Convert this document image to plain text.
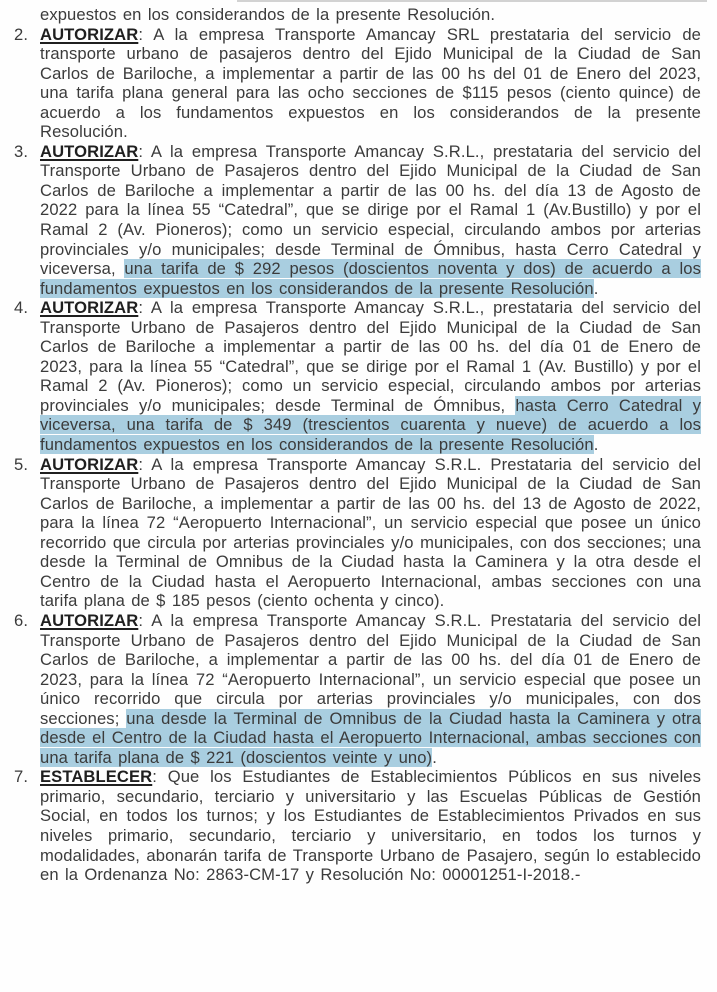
expuestos en los considerandos de la presente Resolución.

2. AUTORIZAR: A la empresa Transporte Amancay SRL prestataria del servicio de transporte urbano de pasajeros dentro del Ejido Municipal de la Ciudad de San Carlos de Bariloche, a implementar a partir de las 00 hs del 01 de Enero del 2023, una tarifa plana general para las ocho secciones de $115 pesos (ciento quince) de acuerdo a los fundamentos expuestos en los considerandos de la presente Resolución.
3. AUTORIZAR: A la empresa Transporte Amancay S.R.L., prestataria del servicio del Transporte Urbano de Pasajeros dentro del Ejido Municipal de la Ciudad de San Carlos de Bariloche a implementar a partir de las 00 hs. del día 13 de Agosto de 2022 para la línea 55 “Catedral”, que se dirige por el Ramal 1 (Av.Bustillo) y por el Ramal 2 (Av. Pioneros); como un servicio especial, circulando ambos por arterias provinciales y/o municipales; desde Terminal de Ómnibus, hasta Cerro Catedral y viceversa, una tarifa de $ 292 pesos (doscientos noventa y dos) de acuerdo a los fundamentos expuestos en los considerandos de la presente Resolución.
4. AUTORIZAR: A la empresa Transporte Amancay S.R.L., prestataria del servicio del Transporte Urbano de Pasajeros dentro del Ejido Municipal de la Ciudad de San Carlos de Bariloche a implementar a partir de las 00 hs. del día 01 de Enero de 2023, para la línea 55 “Catedral”, que se dirige por el Ramal 1 (Av. Bustillo) y por el Ramal 2 (Av. Pioneros); como un servicio especial, circulando ambos por arterias provinciales y/o municipales; desde Terminal de Ómnibus, hasta Cerro Catedral y viceversa, una tarifa de $ 349 (trescientos cuarenta y nueve) de acuerdo a los fundamentos expuestos en los considerandos de la presente Resolución.
5. AUTORIZAR: A la empresa Transporte Amancay S.R.L. Prestataria del servicio del Transporte Urbano de Pasajeros dentro del Ejido Municipal de la Ciudad de San Carlos de Bariloche, a implementar a partir de las 00 hs. del 13 de Agosto de 2022, para la línea 72 “Aeropuerto Internacional”, un servicio especial que posee un único recorrido que circula por arterias provinciales y/o municipales, con dos secciones; una desde la Terminal de Omnibus de la Ciudad hasta la Caminera y la otra desde el Centro de la Ciudad hasta el Aeropuerto Internacional, ambas secciones con una tarifa plana de $ 185 pesos (ciento ochenta y cinco).
6. AUTORIZAR: A la empresa Transporte Amancay S.R.L. Prestataria del servicio del Transporte Urbano de Pasajeros dentro del Ejido Municipal de la Ciudad de San Carlos de Bariloche, a implementar a partir de las 00 hs. del día 01 de Enero de 2023, para la línea 72 “Aeropuerto Internacional”, un servicio especial que posee un único recorrido que circula por arterias provinciales y/o municipales, con dos secciones; una desde la Terminal de Omnibus de la Ciudad hasta la Caminera y otra desde el Centro de la Ciudad hasta el Aeropuerto Internacional, ambas secciones con una tarifa plana de $ 221 (doscientos veinte y uno).
7. ESTABLECER: Que los Estudiantes de Establecimientos Públicos en sus niveles primario, secundario, terciario y universitario y las Escuelas Públicas de Gestión Social, en todos los turnos; y los Estudiantes de Establecimientos Privados en sus niveles primario, secundario, terciario y universitario, en todos los turnos y modalidades, abonarán tarifa de Transporte Urbano de Pasajero, según lo establecido en la Ordenanza No: 2863-CM-17 y Resolución No: 00001251-I-2018.-
